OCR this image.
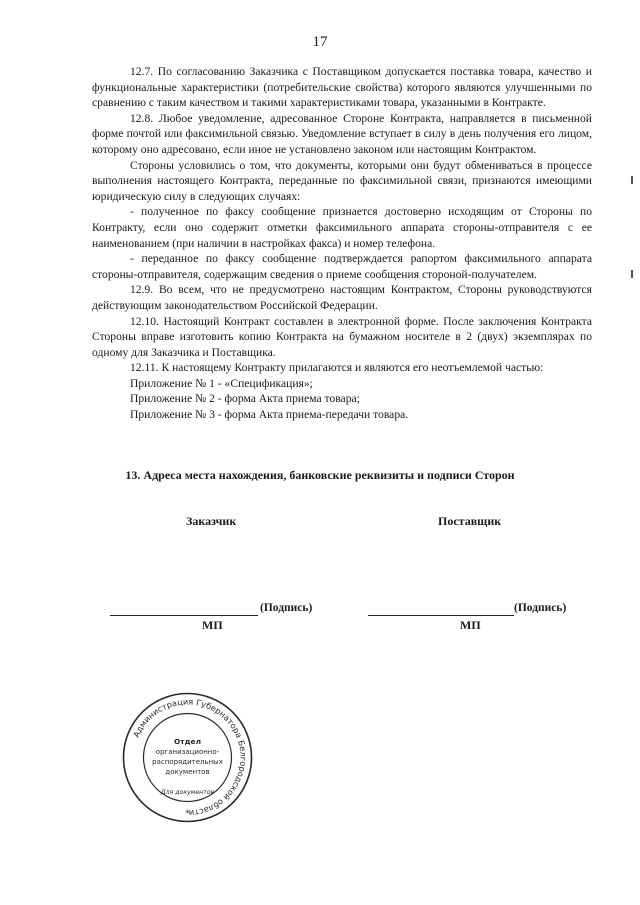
17

12.7. По согласованию Заказчика с Поставщиком допускается поставка товара, качество и функциональные характеристики (потребительские свойства) которого являются улучшенными по сравнению с таким качеством и такими характеристиками товара, указанными в Контракте.

12.8. Любое уведомление, адресованное Стороне Контракта, направляется в письменной форме почтой или факсимильной связью. Уведомление вступает в силу в день получения его лицом, которому оно адресовано, если иное не установлено законом или настоящим Контрактом.

Стороны условились о том, что документы, которыми они будут обмениваться в процессе выполнения настоящего Контракта, переданные по факсимильной связи, признаются имеющими юридическую силу в следующих случаях:

- полученное по факсу сообщение признается достоверно исходящим от Стороны по Контракту, если оно содержит отметки факсимильного аппарата стороны-отправителя с ее наименованием (при наличии в настройках факса) и номер телефона.

- переданное по факсу сообщение подтверждается рапортом факсимильного аппарата стороны-отправителя, содержащим сведения о приеме сообщения стороной-получателем.

12.9. Во всем, что не предусмотрено настоящим Контрактом, Стороны руководствуются действующим законодательством Российской Федерации.

12.10. Настоящий Контракт составлен в электронной форме. После заключения Контракта Стороны вправе изготовить копию Контракта на бумажном носителе в 2 (двух) экземплярах по одному для Заказчика и Поставщика.

12.11. К настоящему Контракту прилагаются и являются его неотъемлемой частью:

Приложение № 1 - «Спецификация»;

Приложение № 2 - форма Акта приема товара;

Приложение № 3 - форма Акта приема-передачи товара.

13. Адреса места нахождения, банковские реквизиты и подписи Сторон
Заказчик	Поставщик
(Подпись)
МП
(Подпись)
МП
Администрация Губернатора Белгородской области
Отдел
организационно-
распорядительных
документов
Для документов
*
